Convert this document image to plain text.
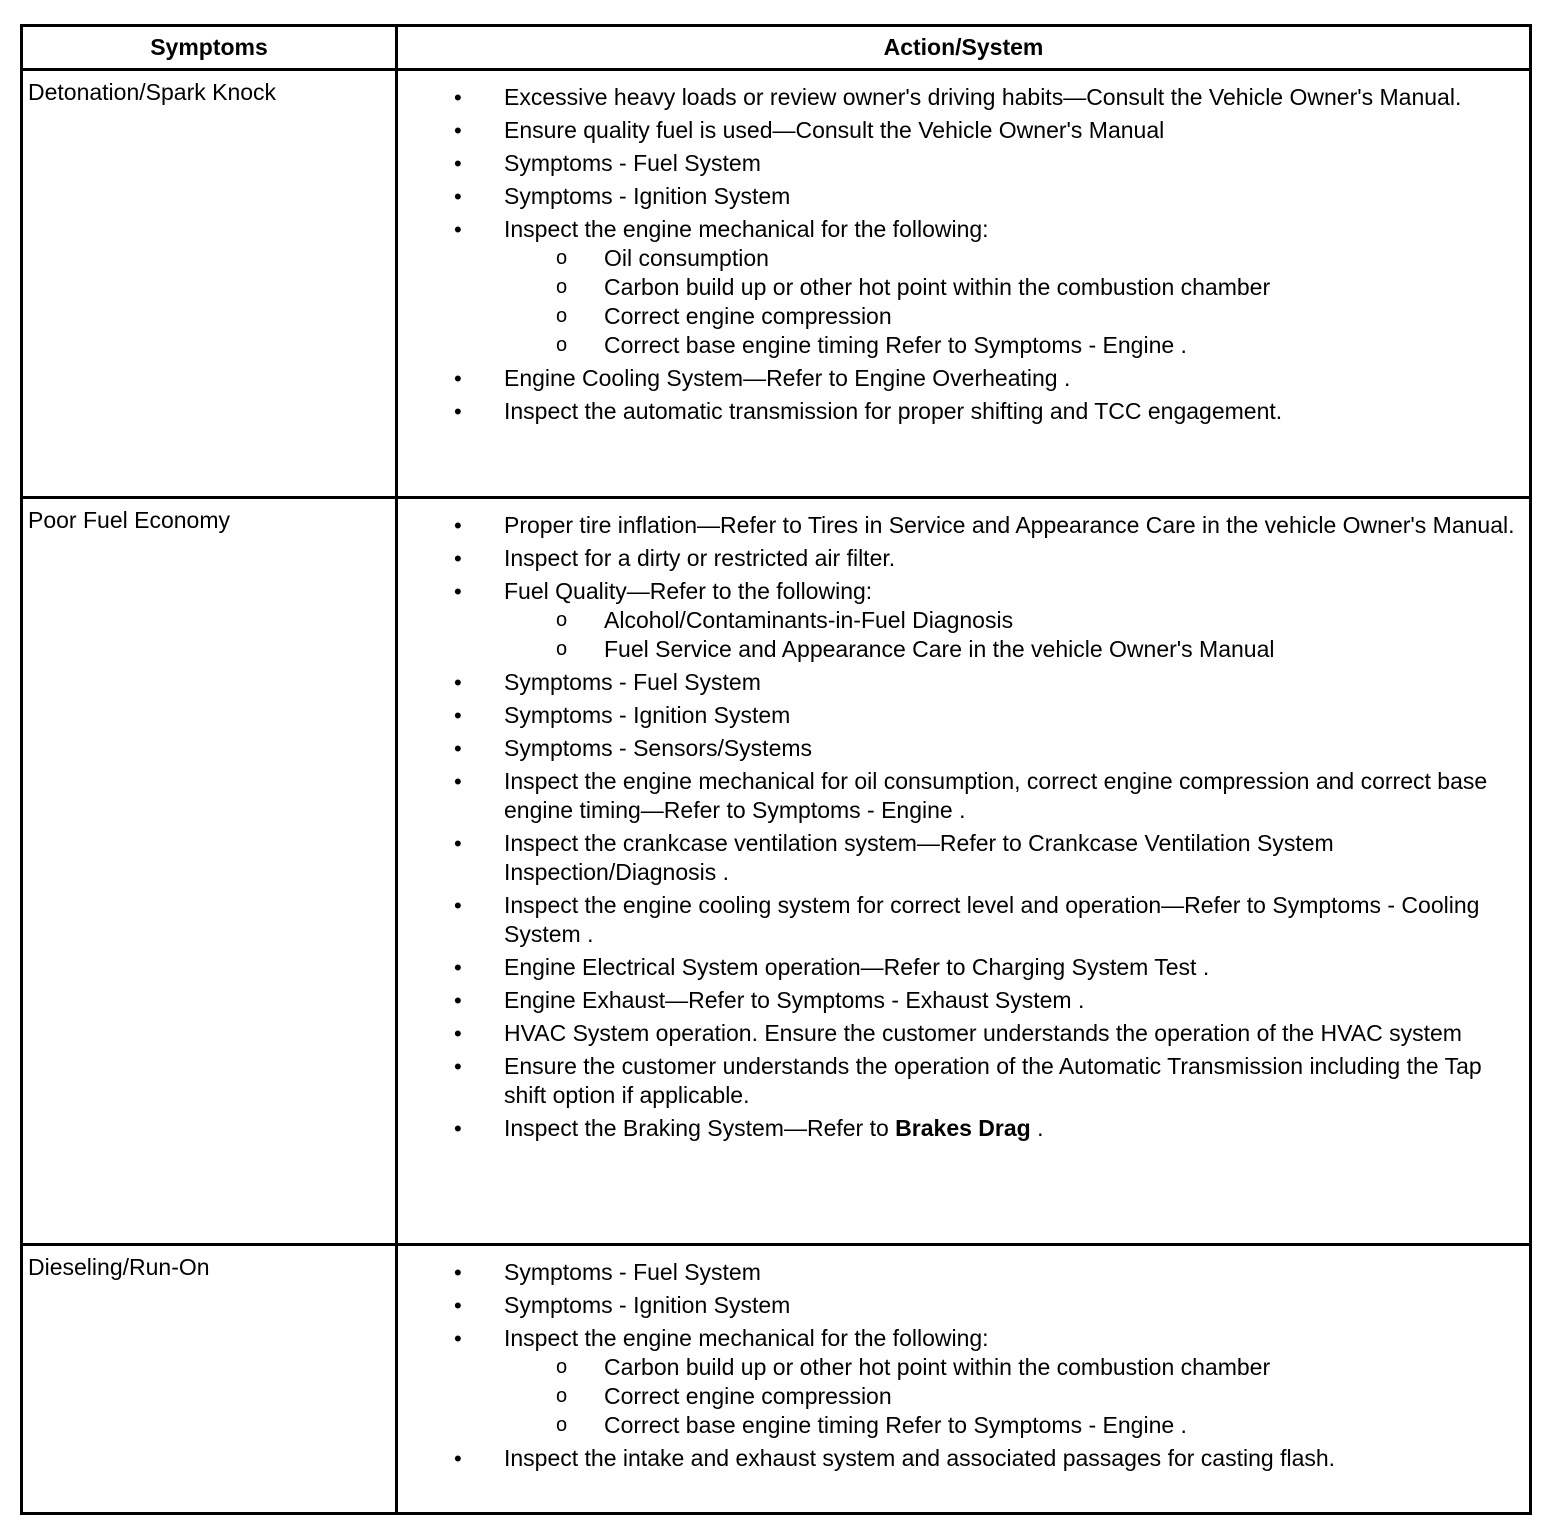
Symptoms	Action/System
Detonation/Spark Knock	• Excessive heavy loads or review owner's driving habits—Consult the Vehicle Owner's Manual.
• Ensure quality fuel is used—Consult the Vehicle Owner's Manual
• Symptoms - Fuel System
• Symptoms - Ignition System
• Inspect the engine mechanical for the following:
o Oil consumption
o Carbon build up or other hot point within the combustion chamber
o Correct engine compression
o Correct base engine timing Refer to Symptoms - Engine .
• Engine Cooling System—Refer to Engine Overheating .
• Inspect the automatic transmission for proper shifting and TCC engagement.
Poor Fuel Economy	• Proper tire inflation—Refer to Tires in Service and Appearance Care in the vehicle Owner's Manual.
• Inspect for a dirty or restricted air filter.
• Fuel Quality—Refer to the following:
o Alcohol/Contaminants-in-Fuel Diagnosis
o Fuel Service and Appearance Care in the vehicle Owner's Manual
• Symptoms - Fuel System
• Symptoms - Ignition System
• Symptoms - Sensors/Systems
• Inspect the engine mechanical for oil consumption, correct engine compression and correct base engine timing—Refer to Symptoms - Engine .
• Inspect the crankcase ventilation system—Refer to Crankcase Ventilation System Inspection/Diagnosis .
• Inspect the engine cooling system for correct level and operation—Refer to Symptoms - Cooling System .
• Engine Electrical System operation—Refer to Charging System Test .
• Engine Exhaust—Refer to Symptoms - Exhaust System .
• HVAC System operation. Ensure the customer understands the operation of the HVAC system
• Ensure the customer understands the operation of the Automatic Transmission including the Tap shift option if applicable.
• Inspect the Braking System—Refer to Brakes Drag .
Dieseling/Run-On	• Symptoms - Fuel System
• Symptoms - Ignition System
• Inspect the engine mechanical for the following:
o Carbon build up or other hot point within the combustion chamber
o Correct engine compression
o Correct base engine timing Refer to Symptoms - Engine .
• Inspect the intake and exhaust system and associated passages for casting flash.
